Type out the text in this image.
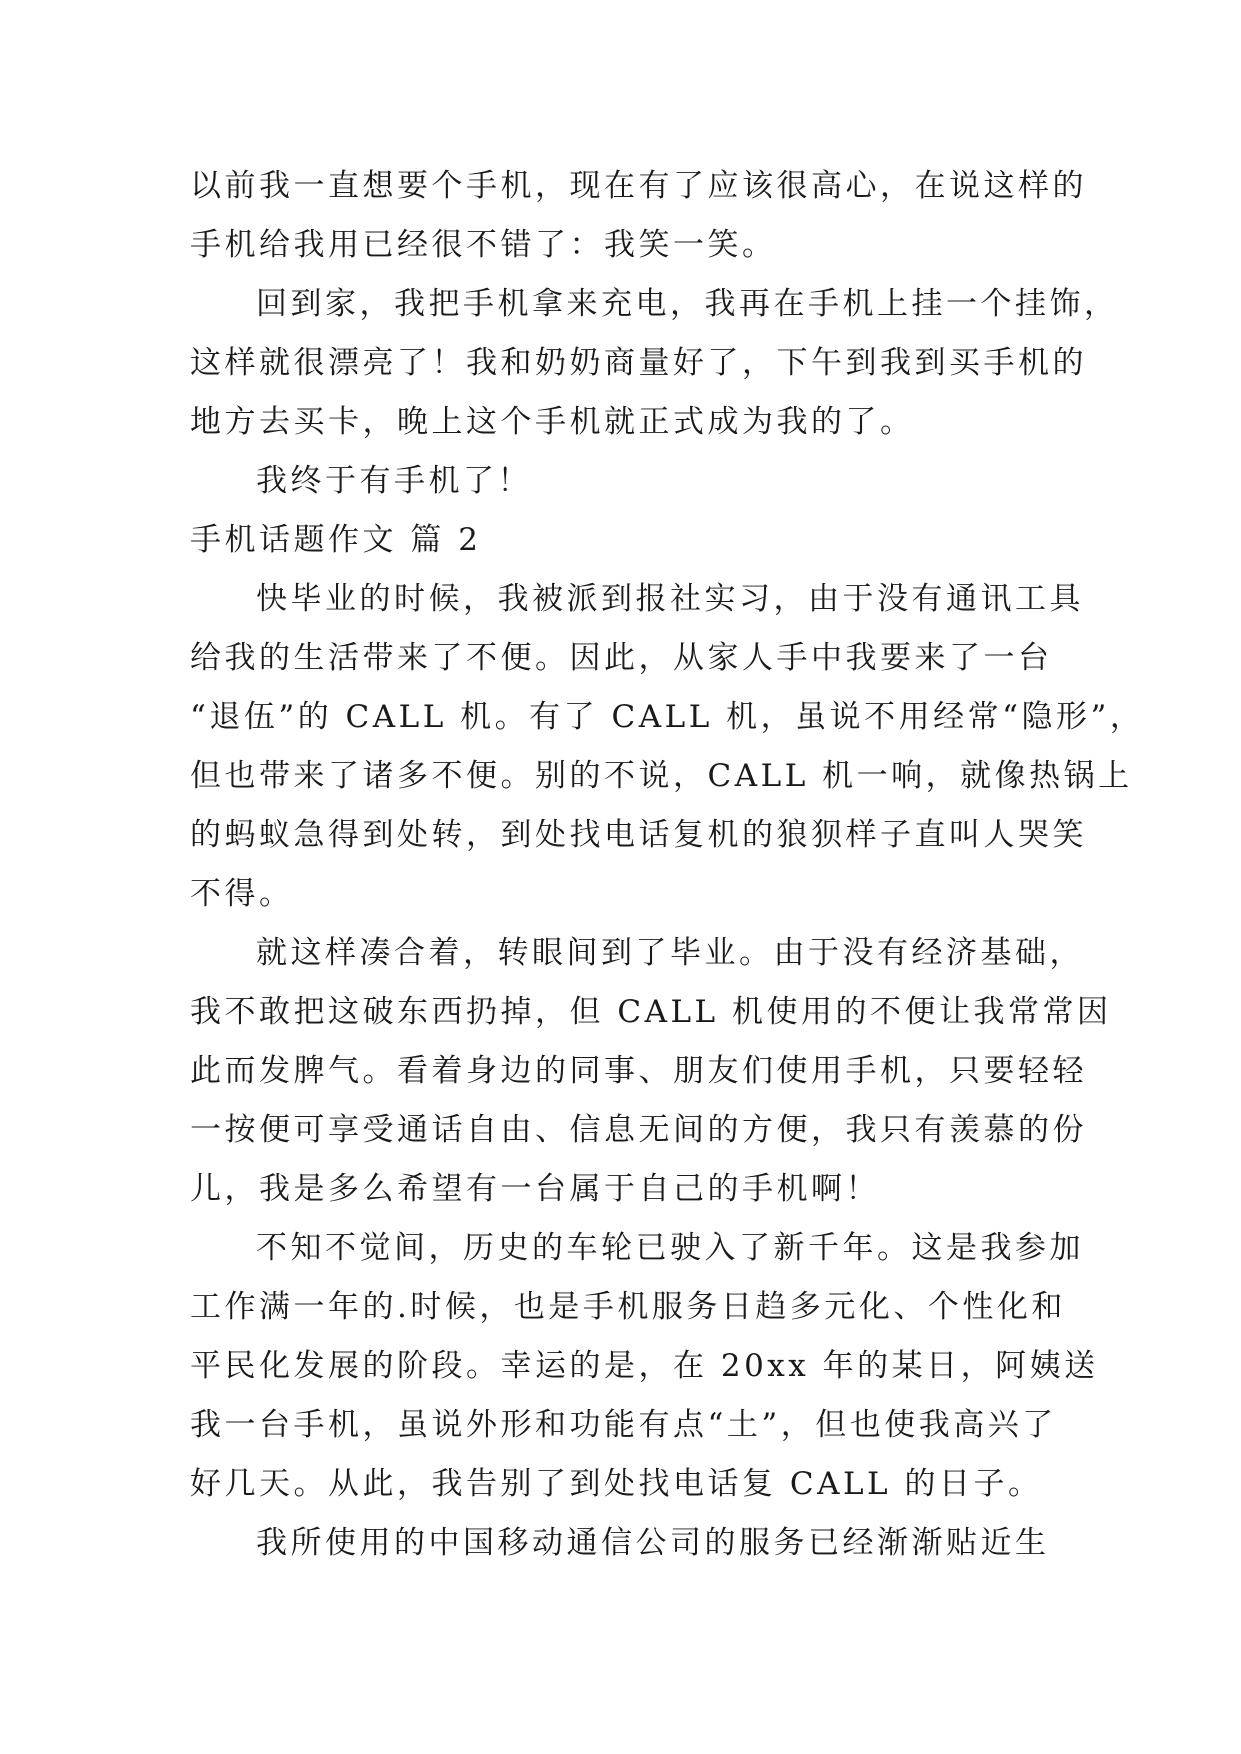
以前我一直想要个手机，现在有了应该很高心，在说这样的
手机给我用已经很不错了：我笑一笑。
回到家，我把手机拿来充电，我再在手机上挂一个挂饰，
这样就很漂亮了！我和奶奶商量好了，下午到我到买手机的
地方去买卡，晚上这个手机就正式成为我的了。
我终于有手机了！
手机话题作文 篇 2
快毕业的时候，我被派到报社实习，由于没有通讯工具
给我的生活带来了不便。因此，从家人手中我要来了一台
“退伍”的 CALL 机。有了 CALL 机，虽说不用经常“隐形”，
但也带来了诸多不便。别的不说，CALL 机一响，就像热锅上
的蚂蚁急得到处转，到处找电话复机的狼狈样子直叫人哭笑
不得。
就这样凑合着，转眼间到了毕业。由于没有经济基础，
我不敢把这破东西扔掉，但 CALL 机使用的不便让我常常因
此而发脾气。看着身边的同事、朋友们使用手机，只要轻轻
一按便可享受通话自由、信息无间的方便，我只有羡慕的份
儿，我是多么希望有一台属于自己的手机啊！
不知不觉间，历史的车轮已驶入了新千年。这是我参加
工作满一年的.时候，也是手机服务日趋多元化、个性化和
平民化发展的阶段。幸运的是，在 20xx 年的某日，阿姨送
我一台手机，虽说外形和功能有点“土”，但也使我高兴了
好几天。从此，我告别了到处找电话复 CALL 的日子。
我所使用的中国移动通信公司的服务已经渐渐贴近生
